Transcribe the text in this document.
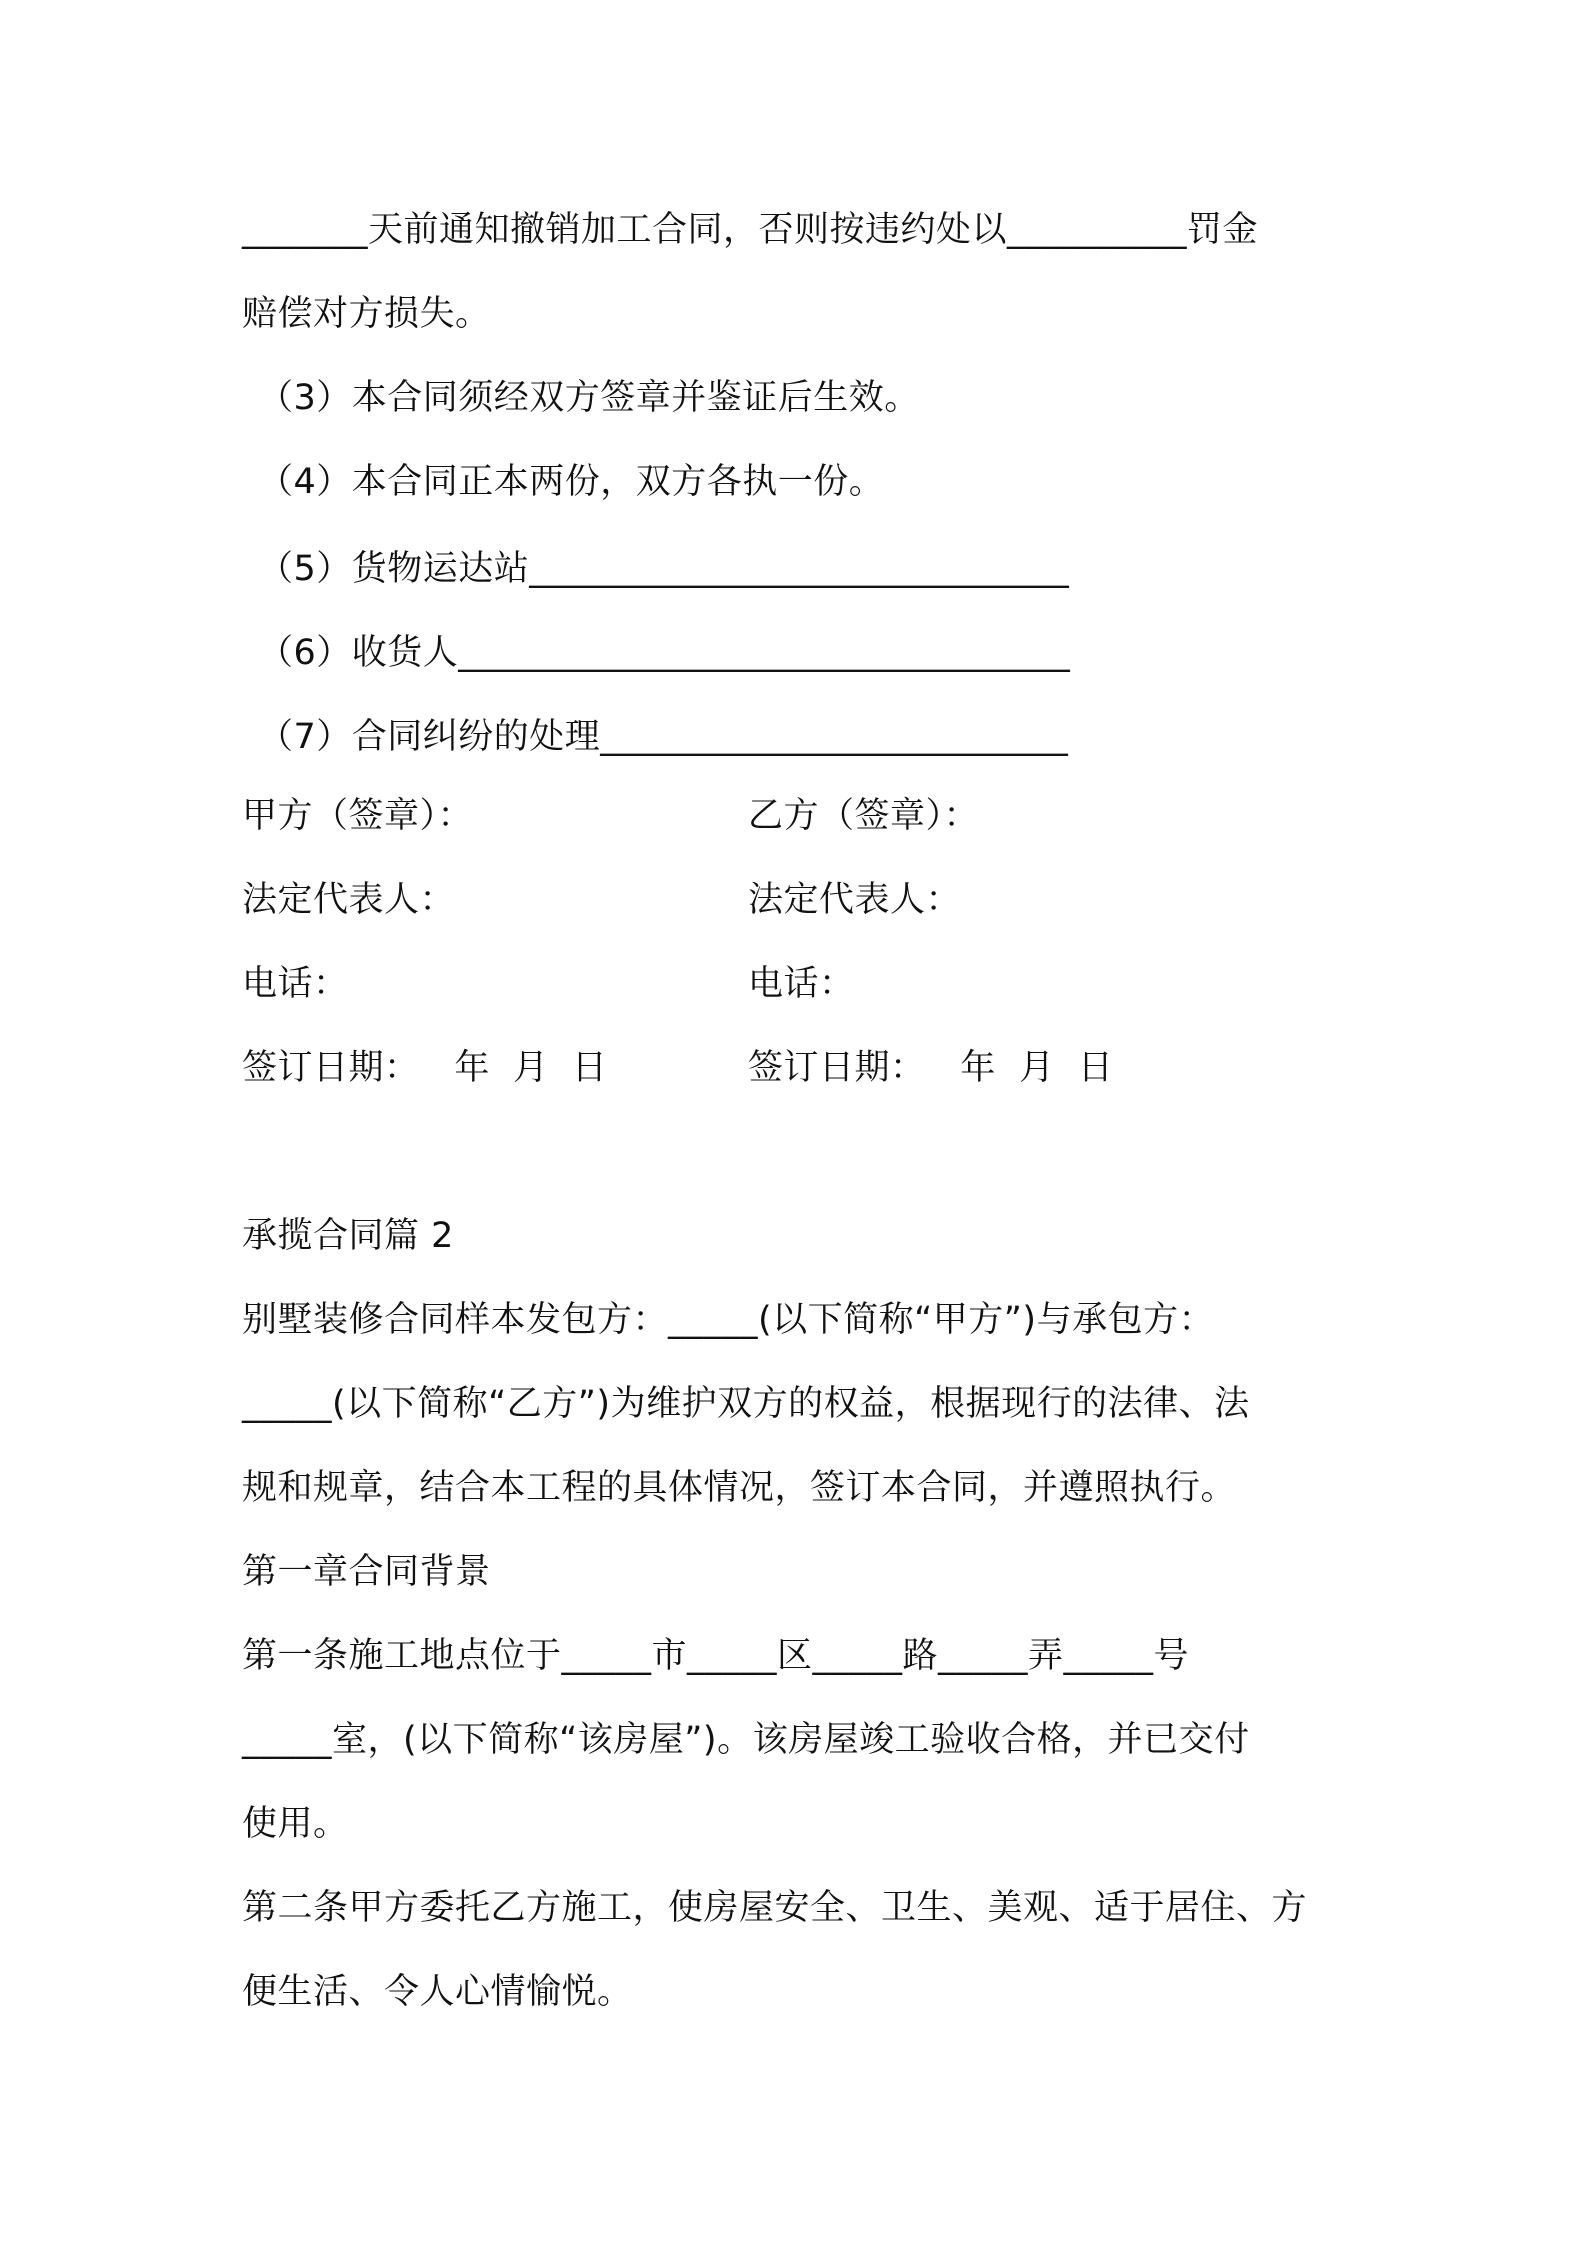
_______天前通知撤销加工合同，否则按违约处以__________罚金
赔偿对方损失。
（3）本合同须经双方签章并鉴证后生效。
（4）本合同正本两份，双方各执一份。
（5）货物运达站______________________________
（6）收货人__________________________________
（7）合同纠纷的处理__________________________
甲方（签章）：	乙方（签章）：
法定代表人：	法定代表人：
电话：	电话：
签订日期：   年  月  日	签订日期：   年  月  日
承揽合同篇 2
别墅装修合同样本发包方：_____(以下简称“甲方”)与承包方：
_____(以下简称“乙方”)为维护双方的权益，根据现行的法律、法
规和规章，结合本工程的具体情况，签订本合同，并遵照执行。
第一章合同背景
第一条施工地点位于_____市_____区_____路_____弄_____号
_____室，(以下简称“该房屋”)。该房屋竣工验收合格，并已交付
使用。
第二条甲方委托乙方施工，使房屋安全、卫生、美观、适于居住、方
便生活、令人心情愉悦。
